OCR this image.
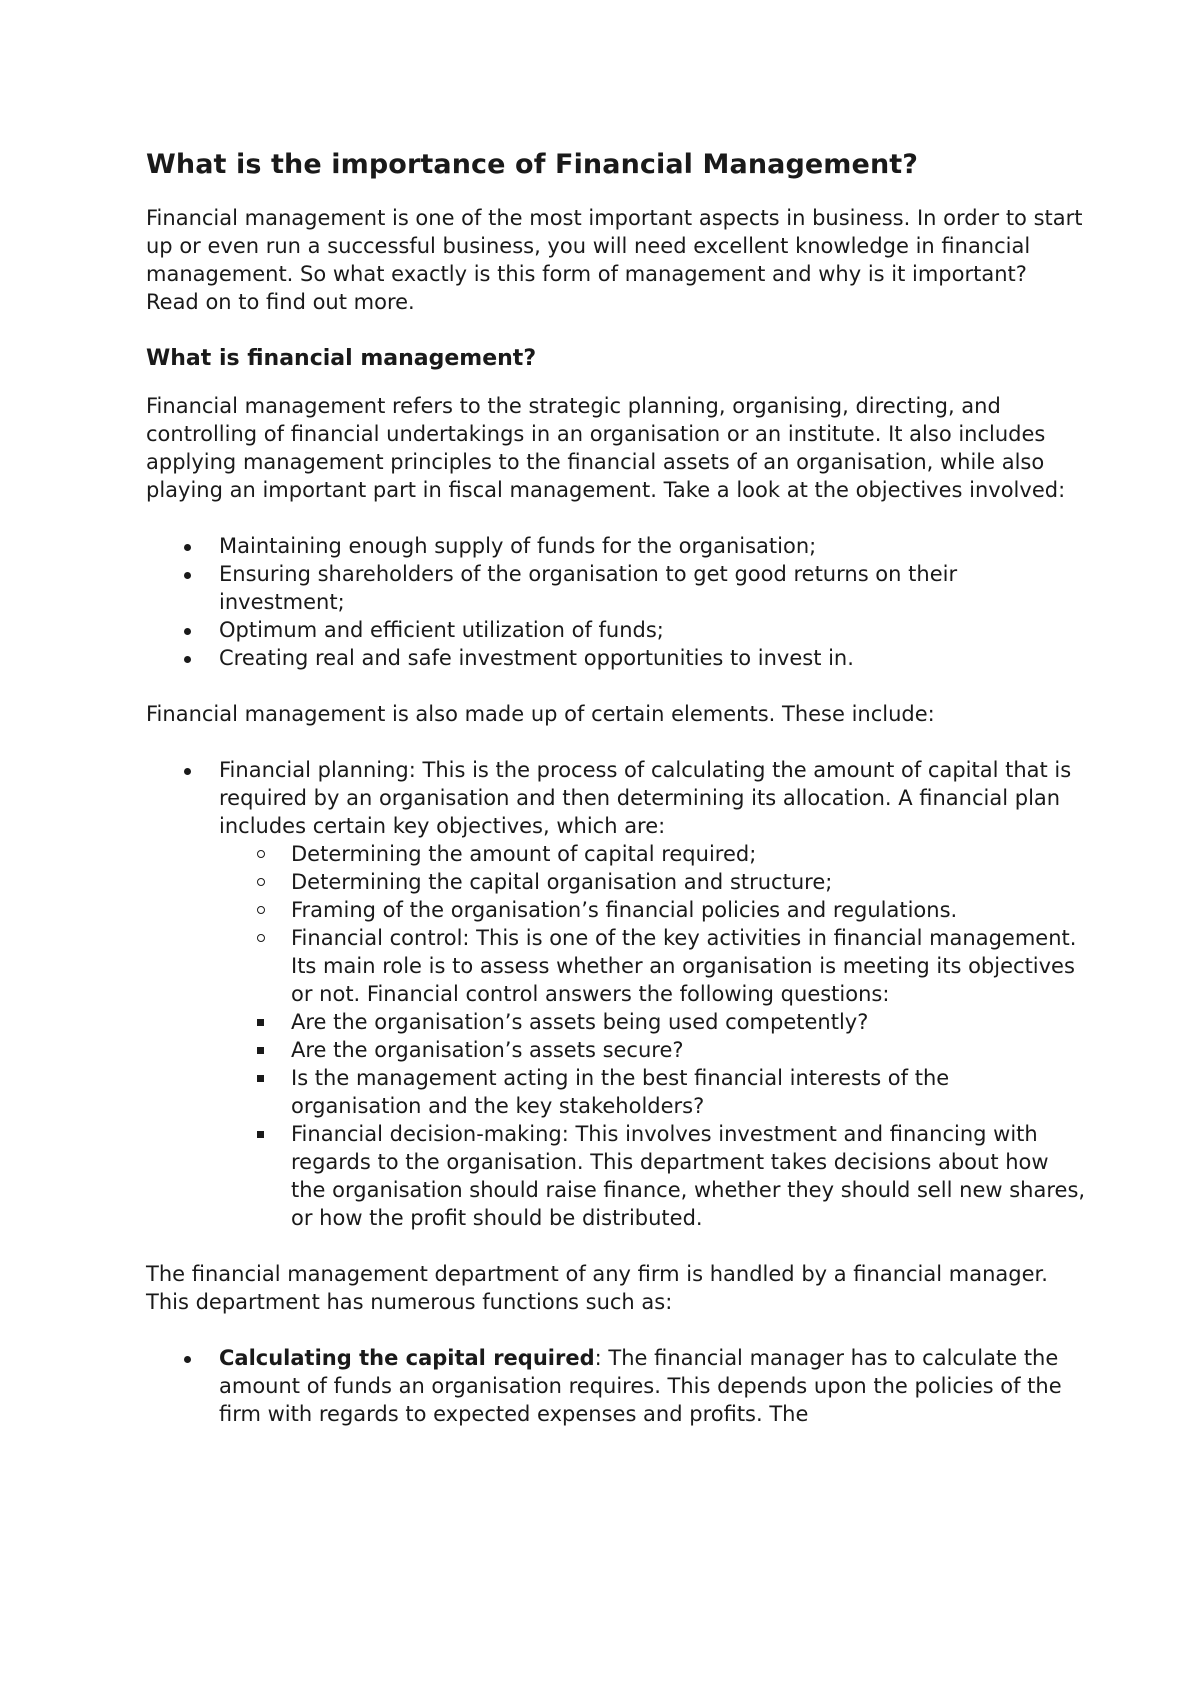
What is the importance of Financial Management?

Financial management is one of the most important aspects in business. In order to start up or even run a successful business, you will need excellent knowledge in financial management. So what exactly is this form of management and why is it important? Read on to find out more.

What is financial management?

Financial management refers to the strategic planning, organising, directing, and controlling of financial undertakings in an organisation or an institute. It also includes applying management principles to the financial assets of an organisation, while also playing an important part in fiscal management. Take a look at the objectives involved:

Maintaining enough supply of funds for the organisation;
Ensuring shareholders of the organisation to get good returns on their investment;
Optimum and efficient utilization of funds;
Creating real and safe investment opportunities to invest in.

Financial management is also made up of certain elements. These include:

Financial planning: This is the process of calculating the amount of capital that is required by an organisation and then determining its allocation. A financial plan includes certain key objectives, which are:
Determining the amount of capital required;
Determining the capital organisation and structure;
Framing of the organisation’s financial policies and regulations.
Financial control: This is one of the key activities in financial management. Its main role is to assess whether an organisation is meeting its objectives or not. Financial control answers the following questions:
Are the organisation’s assets being used competently?
Are the organisation’s assets secure?
Is the management acting in the best financial interests of the organisation and the key stakeholders?
Financial decision-making: This involves investment and financing with regards to the organisation. This department takes decisions about how the organisation should raise finance, whether they should sell new shares, or how the profit should be distributed.

The financial management department of any firm is handled by a financial manager. This department has numerous functions such as:

Calculating the capital required: The financial manager has to calculate the amount of funds an organisation requires. This depends upon the policies of the firm with regards to expected expenses and profits. The
